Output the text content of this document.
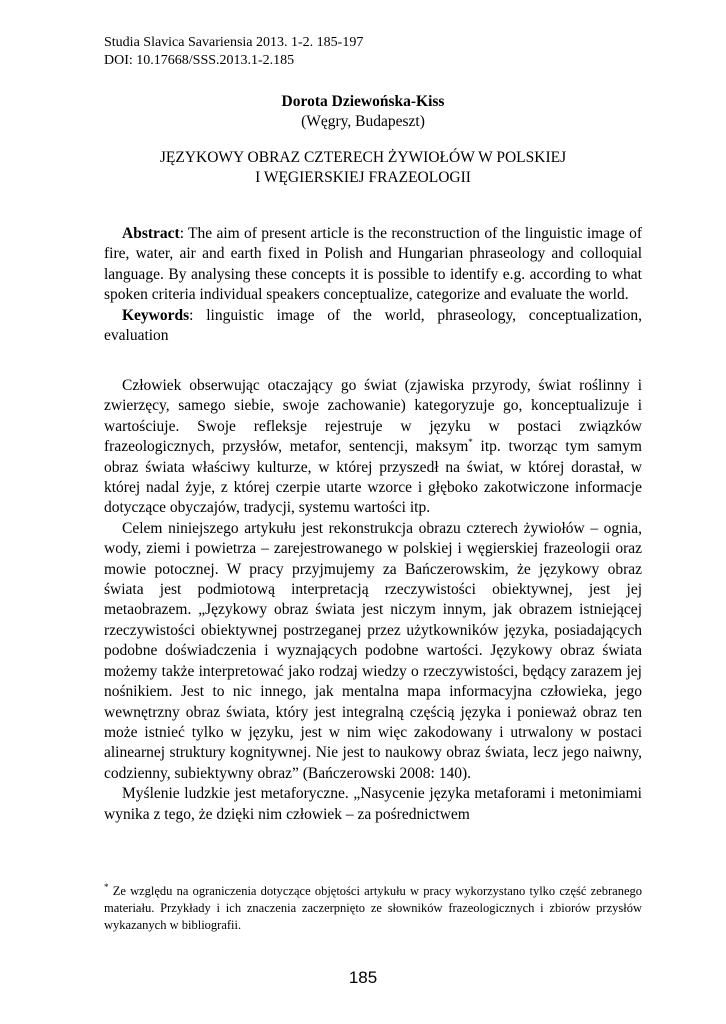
Studia Slavica Savariensia 2013. 1-2. 185-197
DOI: 10.17668/SSS.2013.1-2.185
Dorota Dziewońska-Kiss
(Węgry, Budapeszt)
JĘZYKOWY OBRAZ CZTERECH ŻYWIOŁÓW W POLSKIEJ
I WĘGIERSKIEJ FRAZEOLOGII

Abstract: The aim of present article is the reconstruction of the linguistic image of fire, water, air and earth fixed in Polish and Hungarian phraseology and colloquial language. By analysing these concepts it is possible to identify e.g. according to what spoken criteria individual speakers conceptualize, categorize and evaluate the world.

Keywords: linguistic image of the world, phraseology, conceptualization, evaluation

Człowiek obserwując otaczający go świat (zjawiska przyrody, świat roślinny i zwierzęcy, samego siebie, swoje zachowanie) kategoryzuje go, konceptualizuje i wartościuje. Swoje refleksje rejestruje w języku w postaci związków frazeologicznych, przysłów, metafor, sentencji, maksym* itp. tworząc tym samym obraz świata właściwy kulturze, w której przyszedł na świat, w której dorastał, w której nadal żyje, z której czerpie utarte wzorce i głęboko zakotwiczone informacje dotyczące obyczajów, tradycji, systemu wartości itp.

Celem niniejszego artykułu jest rekonstrukcja obrazu czterech żywiołów – ognia, wody, ziemi i powietrza – zarejestrowanego w polskiej i węgierskiej frazeologii oraz mowie potocznej. W pracy przyjmujemy za Bańczerowskim, że językowy obraz świata jest podmiotową interpretacją rzeczywistości obiektywnej, jest jej metaobrazem. „Językowy obraz świata jest niczym innym, jak obrazem istniejącej rzeczywistości obiektywnej postrzeganej przez użytkowników języka, posiadających podobne doświadczenia i wyznających podobne wartości. Językowy obraz świata możemy także interpretować jako rodzaj wiedzy o rzeczywistości, będący zarazem jej nośnikiem. Jest to nic innego, jak mentalna mapa informacyjna człowieka, jego wewnętrzny obraz świata, który jest integralną częścią języka i ponieważ obraz ten może istnieć tylko w języku, jest w nim więc zakodowany i utrwalony w postaci alinearnej struktury kognitywnej. Nie jest to naukowy obraz świata, lecz jego naiwny, codzienny, subiektywny obraz” (Bańczerowski 2008: 140).

Myślenie ludzkie jest metaforyczne. „Nasycenie języka metaforami i metonimiami wynika z tego, że dzięki nim człowiek – za pośrednictwem

* Ze względu na ograniczenia dotyczące objętości artykułu w pracy wykorzystano tylko część zebranego materiału. Przykłady i ich znaczenia zaczerpnięto ze słowników frazeologicznych i zbiorów przysłów wykazanych w bibliografii.
185
